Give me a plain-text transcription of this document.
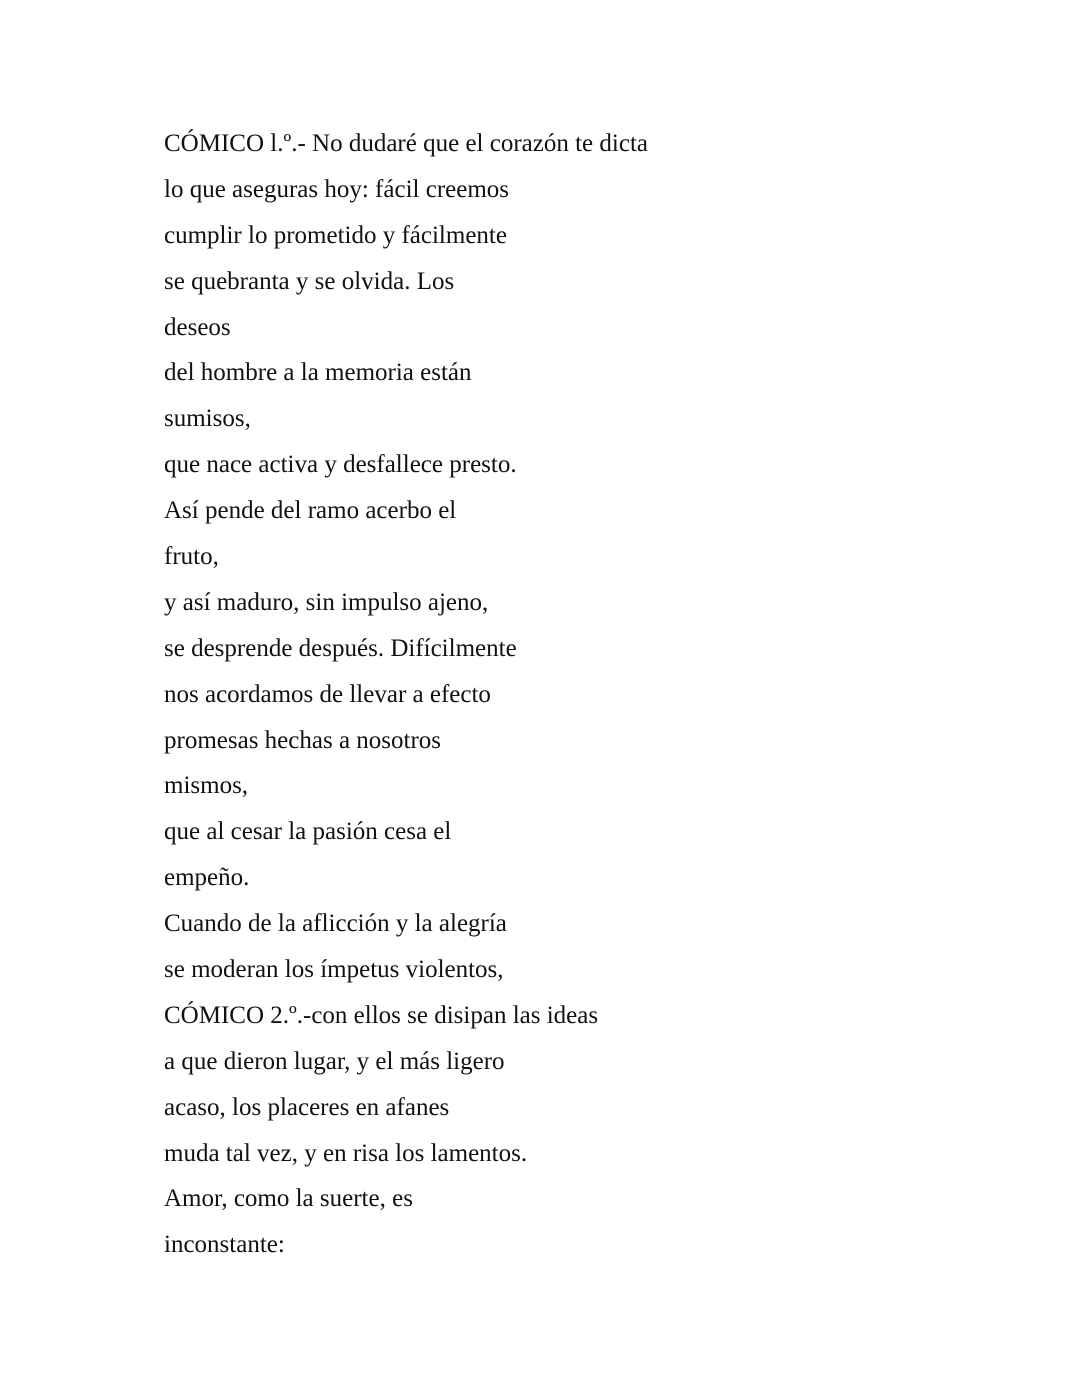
CÓMICO l.º.- No dudaré que el corazón te dicta

lo que aseguras hoy: fácil creemos

cumplir lo prometido y fácilmente

se quebranta y se olvida. Los

deseos

del hombre a la memoria están

sumisos,

que nace activa y desfallece presto.

Así pende del ramo acerbo el

fruto,

y así maduro, sin impulso ajeno,

se desprende después. Difícilmente

nos acordamos de llevar a efecto

promesas hechas a nosotros

mismos,

que al cesar la pasión cesa el

empeño.

Cuando de la aflicción y la alegría

se moderan los ímpetus violentos,

CÓMICO 2.º.-con ellos se disipan las ideas

a que dieron lugar, y el más ligero

acaso, los placeres en afanes

muda tal vez, y en risa los lamentos.

Amor, como la suerte, es

inconstante:
